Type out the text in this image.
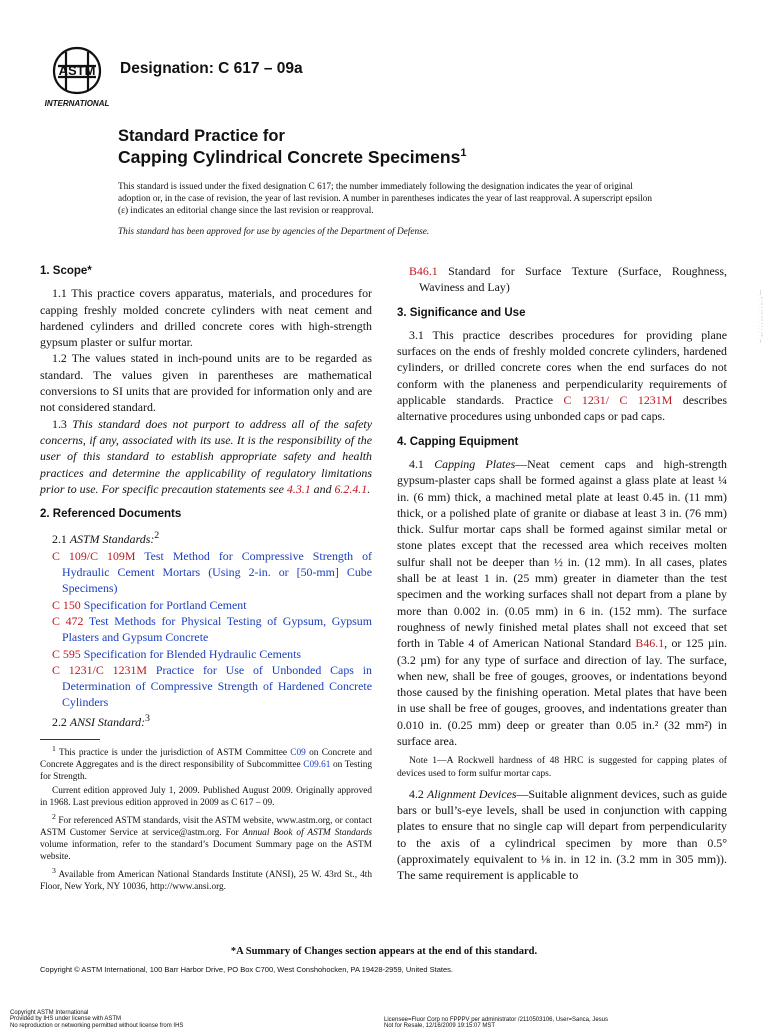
ASTM
INTERNATIONAL
Designation: C 617 – 09a
Standard Practice for
Capping Cylindrical Concrete Specimens$^1$
This standard is issued under the fixed designation C 617; the number immediately following the designation indicates the year of original adoption or, in the case of revision, the year of last revision. A number in parentheses indicates the year of last reapproval. A superscript epsilon (ε) indicates an editorial change since the last revision or reapproval.
This standard has been approved for use by agencies of the Department of Defense.
1. Scope*

1.1 This practice covers apparatus, materials, and procedures for capping freshly molded concrete cylinders with neat cement and hardened cylinders and drilled concrete cores with high-strength gypsum plaster or sulfur mortar.

1.2 The values stated in inch-pound units are to be regarded as standard. The values given in parentheses are mathematical conversions to SI units that are provided for information only and are not considered standard.

1.3 This standard does not purport to address all of the safety concerns, if any, associated with its use. It is the responsibility of the user of this standard to establish appropriate safety and health practices and determine the applicability of regulatory limitations prior to use. For specific precaution statements see 4.3.1 and 6.2.4.1.

2. Referenced Documents

2.1 ASTM Standards:$^2$

C 109/C 109M Test Method for Compressive Strength of Hydraulic Cement Mortars (Using 2-in. or [50-mm] Cube Specimens)

C 150 Specification for Portland Cement

C 472 Test Methods for Physical Testing of Gypsum, Gypsum Plasters and Gypsum Concrete

C 595 Specification for Blended Hydraulic Cements

C 1231/C 1231M Practice for Use of Unbonded Caps in Determination of Compressive Strength of Hardened Concrete Cylinders

2.2 ANSI Standard:$^3$

$^1$ This practice is under the jurisdiction of ASTM Committee C09 on Concrete and Concrete Aggregates and is the direct responsibility of Subcommittee C09.61 on Testing for Strength.

Current edition approved July 1, 2009. Published August 2009. Originally approved in 1968. Last previous edition approved in 2009 as C 617 – 09.

$^2$ For referenced ASTM standards, visit the ASTM website, www.astm.org, or contact ASTM Customer Service at service@astm.org. For Annual Book of ASTM Standards volume information, refer to the standard’s Document Summary page on the ASTM website.

$^3$ Available from American National Standards Institute (ANSI), 25 W. 43rd St., 4th Floor, New York, NY 10036, http://www.ansi.org.

B46.1 Standard for Surface Texture (Surface, Roughness, Waviness and Lay)

3. Significance and Use

3.1 This practice describes procedures for providing plane surfaces on the ends of freshly molded concrete cylinders, hardened cylinders, or drilled concrete cores when the end surfaces do not conform with the planeness and perpendicularity requirements of applicable standards. Practice C 1231/ C 1231M describes alternative procedures using unbonded caps or pad caps.

4. Capping Equipment

4.1 Capping Plates—Neat cement caps and high-strength gypsum-plaster caps shall be formed against a glass plate at least ¼ in. (6 mm) thick, a machined metal plate at least 0.45 in. (11 mm) thick, or a polished plate of granite or diabase at least 3 in. (76 mm) thick. Sulfur mortar caps shall be formed against similar metal or stone plates except that the recessed area which receives molten sulfur shall not be deeper than ½ in. (12 mm). In all cases, plates shall be at least 1 in. (25 mm) greater in diameter than the test specimen and the working surfaces shall not depart from a plane by more than 0.002 in. (0.05 mm) in 6 in. (152 mm). The surface roughness of newly finished metal plates shall not exceed that set forth in Table 4 of American National Standard B46.1, or 125 µin. (3.2 µm) for any type of surface and direction of lay. The surface, when new, shall be free of gouges, grooves, or indentations beyond those caused by the finishing operation. Metal plates that have been in use shall be free of gouges, grooves, and indentations greater than 0.010 in. (0.25 mm) deep or greater than 0.05 in.² (32 mm²) in surface area.

Note 1—A Rockwell hardness of 48 HRC is suggested for capping plates of devices used to form sulfur mortar caps.

4.2 Alignment Devices—Suitable alignment devices, such as guide bars or bull’s-eye levels, shall be used in conjunction with capping plates to ensure that no single cap will depart from perpendicularity to the axis of a cylindrical specimen by more than 0.5° (approximately equivalent to ⅛ in. in 12 in. (3.2 mm in 305 mm)). The same requirement is applicable to

--`,,,,`,`,`,`,,,,`,,,`,`,,,`,,`---
*A Summary of Changes section appears at the end of this standard.
Copyright © ASTM International, 100 Barr Harbor Drive, PO Box C700, West Conshohocken, PA 19428-2959, United States.
Copyright ASTM International
Provided by IHS under license with ASTM
No reproduction or networking permitted without license from IHS
Licensee=Fluor Corp no FPPPV per administrator /2110503106, User=Sanca, Jesus
Not for Resale, 12/16/2009 19:15:07 MST
